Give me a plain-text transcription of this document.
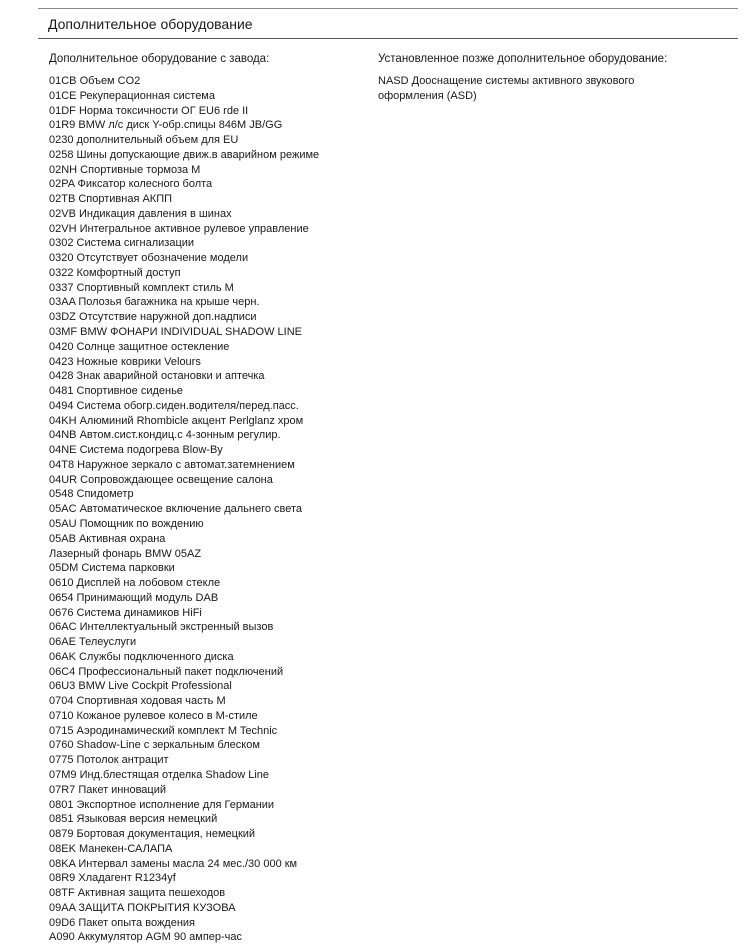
Дополнительное оборудование
Дополнительное оборудование с завода:
01CB Объем CO2
01CE Рекуперационная система
01DF Норма токсичности ОГ EU6 rde II
01R9 BMW л/с диск Y-обр.спицы 846M JB/GG
0230 дополнительный объем для EU
0258 Шины допускающие движ.в аварийном режиме
02NH Спортивные тормоза M
02PA Фиксатор колесного болта
02TB Спортивная АКПП
02VB Индикация давления в шинах
02VH Интегральное активное рулевое управление
0302 Система сигнализации
0320 Отсутствует обозначение модели
0322 Комфортный доступ
0337 Спортивный комплект стиль M
03AA Полозья багажника на крыше черн.
03DZ Отсутствие наружной доп.надписи
03MF BMW ФОНАРИ INDIVIDUAL SHADOW LINE
0420 Солнце защитное остекление
0423 Ножные коврики Velours
0428 Знак аварийной остановки и аптечка
0481 Спортивное сиденье
0494 Система обогр.сиден.водителя/перед.пасс.
04KH Алюминий Rhombicle акцент Perlglanz хром
04NB Автом.сист.кондиц.с 4-зонным регулир.
04NE Система подогрева Blow-By
04T8 Наружное зеркало с автомат.затемнением
04UR Сопровождающее освещение салона
0548 Спидометр
05AC Автоматическое включение дальнего света
05AU Помощник по вождению
05AB Активная охрана
Лазерный фонарь BMW 05AZ
05DM Система парковки
0610 Дисплей на лобовом стекле
0654 Принимающий модуль DAB
0676 Система динамиков HiFi
06AC Интеллектуальный экстренный вызов
06AE Телеуслуги
06AK Службы подключенного диска
06C4 Профессиональный пакет подключений
06U3 BMW Live Cockpit Professional
0704 Спортивная ходовая часть M
0710 Кожаное рулевое колесо в M-стиле
0715 Аэродинамический комплект M Technic
0760 Shadow-Line с зеркальным блеском
0775 Потолок антрацит
07M9 Инд.блестящая отделка Shadow Line
07R7 Пакет инноваций
0801 Экспортное исполнение для Германии
0851 Языковая версия немецкий
0879 Бортовая документация, немецкий
08EK Манекен-САЛАПА
08KA Интервал замены масла 24 мес./30 000 км
08R9 Хладагент R1234yf
08TF Активная защита пешеходов
09AA ЗАЩИТА ПОКРЫТИЯ КУЗОВА
09D6 Пакет опыта вождения
A090 Аккумулятор AGM 90 ампер-час
Установленное позже дополнительное оборудование:
NASD Дооснащение системы активного звукового оформления (ASD)
